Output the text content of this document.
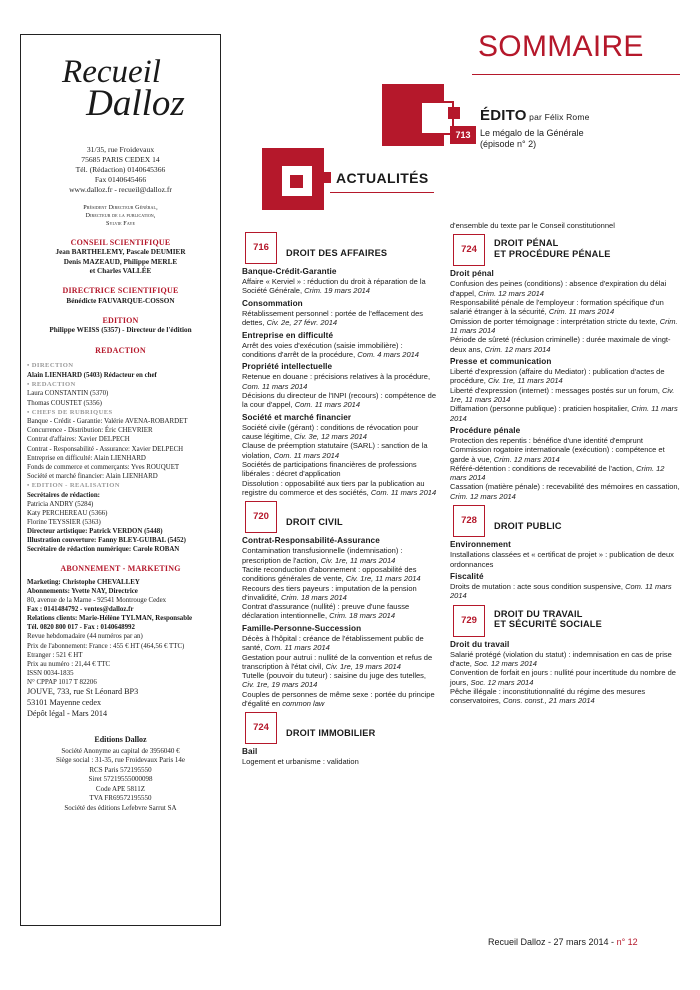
Recueil
Dalloz
31/35, rue Froidevaux
75685 PARIS CEDEX 14
Tél. (Rédaction) 0140645366
Fax 0140645466
www.dalloz.fr - recueil@dalloz.fr
Président Directeur Général,
Directeur de la publication,
Sylvie Faye
CONSEIL SCIENTIFIQUE
Jean BARTHELEMY, Pascale DEUMIER
Denis MAZEAUD, Philippe MERLE
et Charles VALLÉE
DIRECTRICE SCIENTIFIQUE
Bénédicte FAUVARQUE-COSSON
EDITION
Philippe WEISS (5357) - Directeur de l'édition
REDACTION
• DIRECTION
Alain LIENHARD (5403) Rédacteur en chef
• REDACTION
Laura CONSTANTIN (5370)
Thomas COUSTET (5356)
• CHEFS DE RUBRIQUES
Banque - Crédit - Garantie: Valérie AVENA-ROBARDET
Concurrence - Distribution: Éric CHEVRIER
Contrat d'affaires: Xavier DELPECH
Contrat - Responsabilité - Assurance: Xavier DELPECH
Entreprise en difficulté: Alain LIENHARD
Fonds de commerce et commerçants: Yves ROUQUET
Société et marché financier: Alain LIENHARD
• EDITION - REALISATION
Secrétaires de rédaction:
Patricia ANDRY (5284)
Katy PERCHEREAU (5366)
Florine TEYSSIER (5363)
Directeur artistique: Patrick VERDON (5448)
Illustration couverture: Fanny BLEY-GUIBAL (5452)
Secrétaire de rédaction numérique: Carole ROBAN
ABONNEMENT - MARKETING
Marketing: Christophe CHEVALLEY
Abonnements: Yvette NAY, Directrice
80, avenue de la Marne - 92541 Montrouge Cedex
Fax : 0141484792 - ventes@dalloz.fr
Relations clients: Marie-Hélène TYLMAN, Responsable
Tél. 0820 800 017 - Fax : 0140648992
Revue hebdomadaire (44 numéros par an)
Prix de l'abonnement: France : 455 € HT (464,56 € TTC)
Etranger : 521 € HT
Prix au numéro : 21,44 € TTC
ISSN 0034-1835
N° CPPAP 1017 T 82206
JOUVE, 733, rue St Léonard BP3
53101 Mayenne cedex
Dépôt légal - Mars 2014
Editions Dalloz
Société Anonyme au capital de 3956040 €
Siège social : 31-35, rue Froidevaux Paris 14e
RCS Paris 572195550
Siret 57219555000098
Code APE 5811Z
TVA FR69572195550
Société des éditions Lefebvre Sarrut SA
SOMMAIRE
713
ÉDITO par Félix Rome
Le mégalo de la Générale
(épisode n° 2)
ACTUALITÉS
716	DROIT DES AFFAIRES
Banque-Crédit-Garantie
Affaire « Kerviel » : réduction du droit à réparation de la Société Générale, Crim. 19 mars 2014
Consommation
Rétablissement personnel : portée de l'effacement des dettes, Civ. 2e, 27 févr. 2014
Entreprise en difficulté
Arrêt des voies d'exécution (saisie immobilière) : conditions d'arrêt de la procédure, Com. 4 mars 2014
Propriété intellectuelle
Retenue en douane : précisions relatives à la procédure, Com. 11 mars 2014
Décisions du directeur de l'INPI (recours) : compétence de la cour d'appel, Com. 11 mars 2014
Société et marché financier
Société civile (gérant) : conditions de révocation pour cause légitime, Civ. 3e, 12 mars 2014
Clause de préemption statutaire (SARL) : sanction de la violation, Com. 11 mars 2014
Sociétés de participations financières de professions libérales : décret d'application
Dissolution : opposabilité aux tiers par la publication au registre du commerce et des sociétés, Com. 11 mars 2014
720	DROIT CIVIL
Contrat-Responsabilité-Assurance
Contamination transfusionnelle (indemnisation) : prescription de l'action, Civ. 1re, 11 mars 2014
Tacite reconduction d'abonnement : opposabilité des conditions générales de vente, Civ. 1re, 11 mars 2014
Recours des tiers payeurs : imputation de la pension d'invalidité, Crim. 18 mars 2014
Contrat d'assurance (nullité) : preuve d'une fausse déclaration intentionnelle, Crim. 18 mars 2014
Famille-Personne-Succession
Décès à l'hôpital : créance de l'établissement public de santé, Com. 11 mars 2014
Gestation pour autrui : nullité de la convention et refus de transcription à l'état civil, Civ. 1re, 19 mars 2014
Tutelle (pouvoir du tuteur) : saisine du juge des tutelles, Civ. 1re, 19 mars 2014
Couples de personnes de même sexe : portée du principe d'égalité en common law
724	DROIT IMMOBILIER
Bail
Logement et urbanisme : validation
d'ensemble du texte par le Conseil constitutionnel
724
DROIT PÉNAL
ET PROCÉDURE PÉNALE
Droit pénal
Confusion des peines (conditions) : absence d'expiration du délai d'appel, Crim. 12 mars 2014
Responsabilité pénale de l'employeur : formation spécifique d'un salarié étranger à la sécurité, Crim. 11 mars 2014
Omission de porter témoignage : interprétation stricte du texte, Crim. 11 mars 2014
Période de sûreté (réclusion criminelle) : durée maximale de vingt-deux ans, Crim. 12 mars 2014
Presse et communication
Liberté d'expression (affaire du Mediator) : publication d'actes de procédure, Civ. 1re, 11 mars 2014
Liberté d'expression (internet) : messages postés sur un forum, Civ. 1re, 11 mars 2014
Diffamation (personne publique) : praticien hospitalier, Crim. 11 mars 2014
Procédure pénale
Protection des repentis : bénéfice d'une identité d'emprunt
Commission rogatoire internationale (exécution) : compétence et garde à vue, Crim. 12 mars 2014
Référé-détention : conditions de recevabilité de l'action, Crim. 12 mars 2014
Cassation (matière pénale) : recevabilité des mémoires en cassation, Crim. 12 mars 2014
728	DROIT PUBLIC
Environnement
Installations classées et « certificat de projet » : publication de deux ordonnances
Fiscalité
Droits de mutation : acte sous condition suspensive, Com. 11 mars 2014
729
DROIT DU TRAVAIL
ET SÉCURITÉ SOCIALE
Droit du travail
Salarié protégé (violation du statut) : indemnisation en cas de prise d'acte, Soc. 12 mars 2014
Convention de forfait en jours : nullité pour incertitude du nombre de jours, Soc. 12 mars 2014
Pêche illégale : inconstitutionnalité du régime des mesures conservatoires, Cons. const., 21 mars 2014
Recueil Dalloz - 27 mars 2014 - n° 12
